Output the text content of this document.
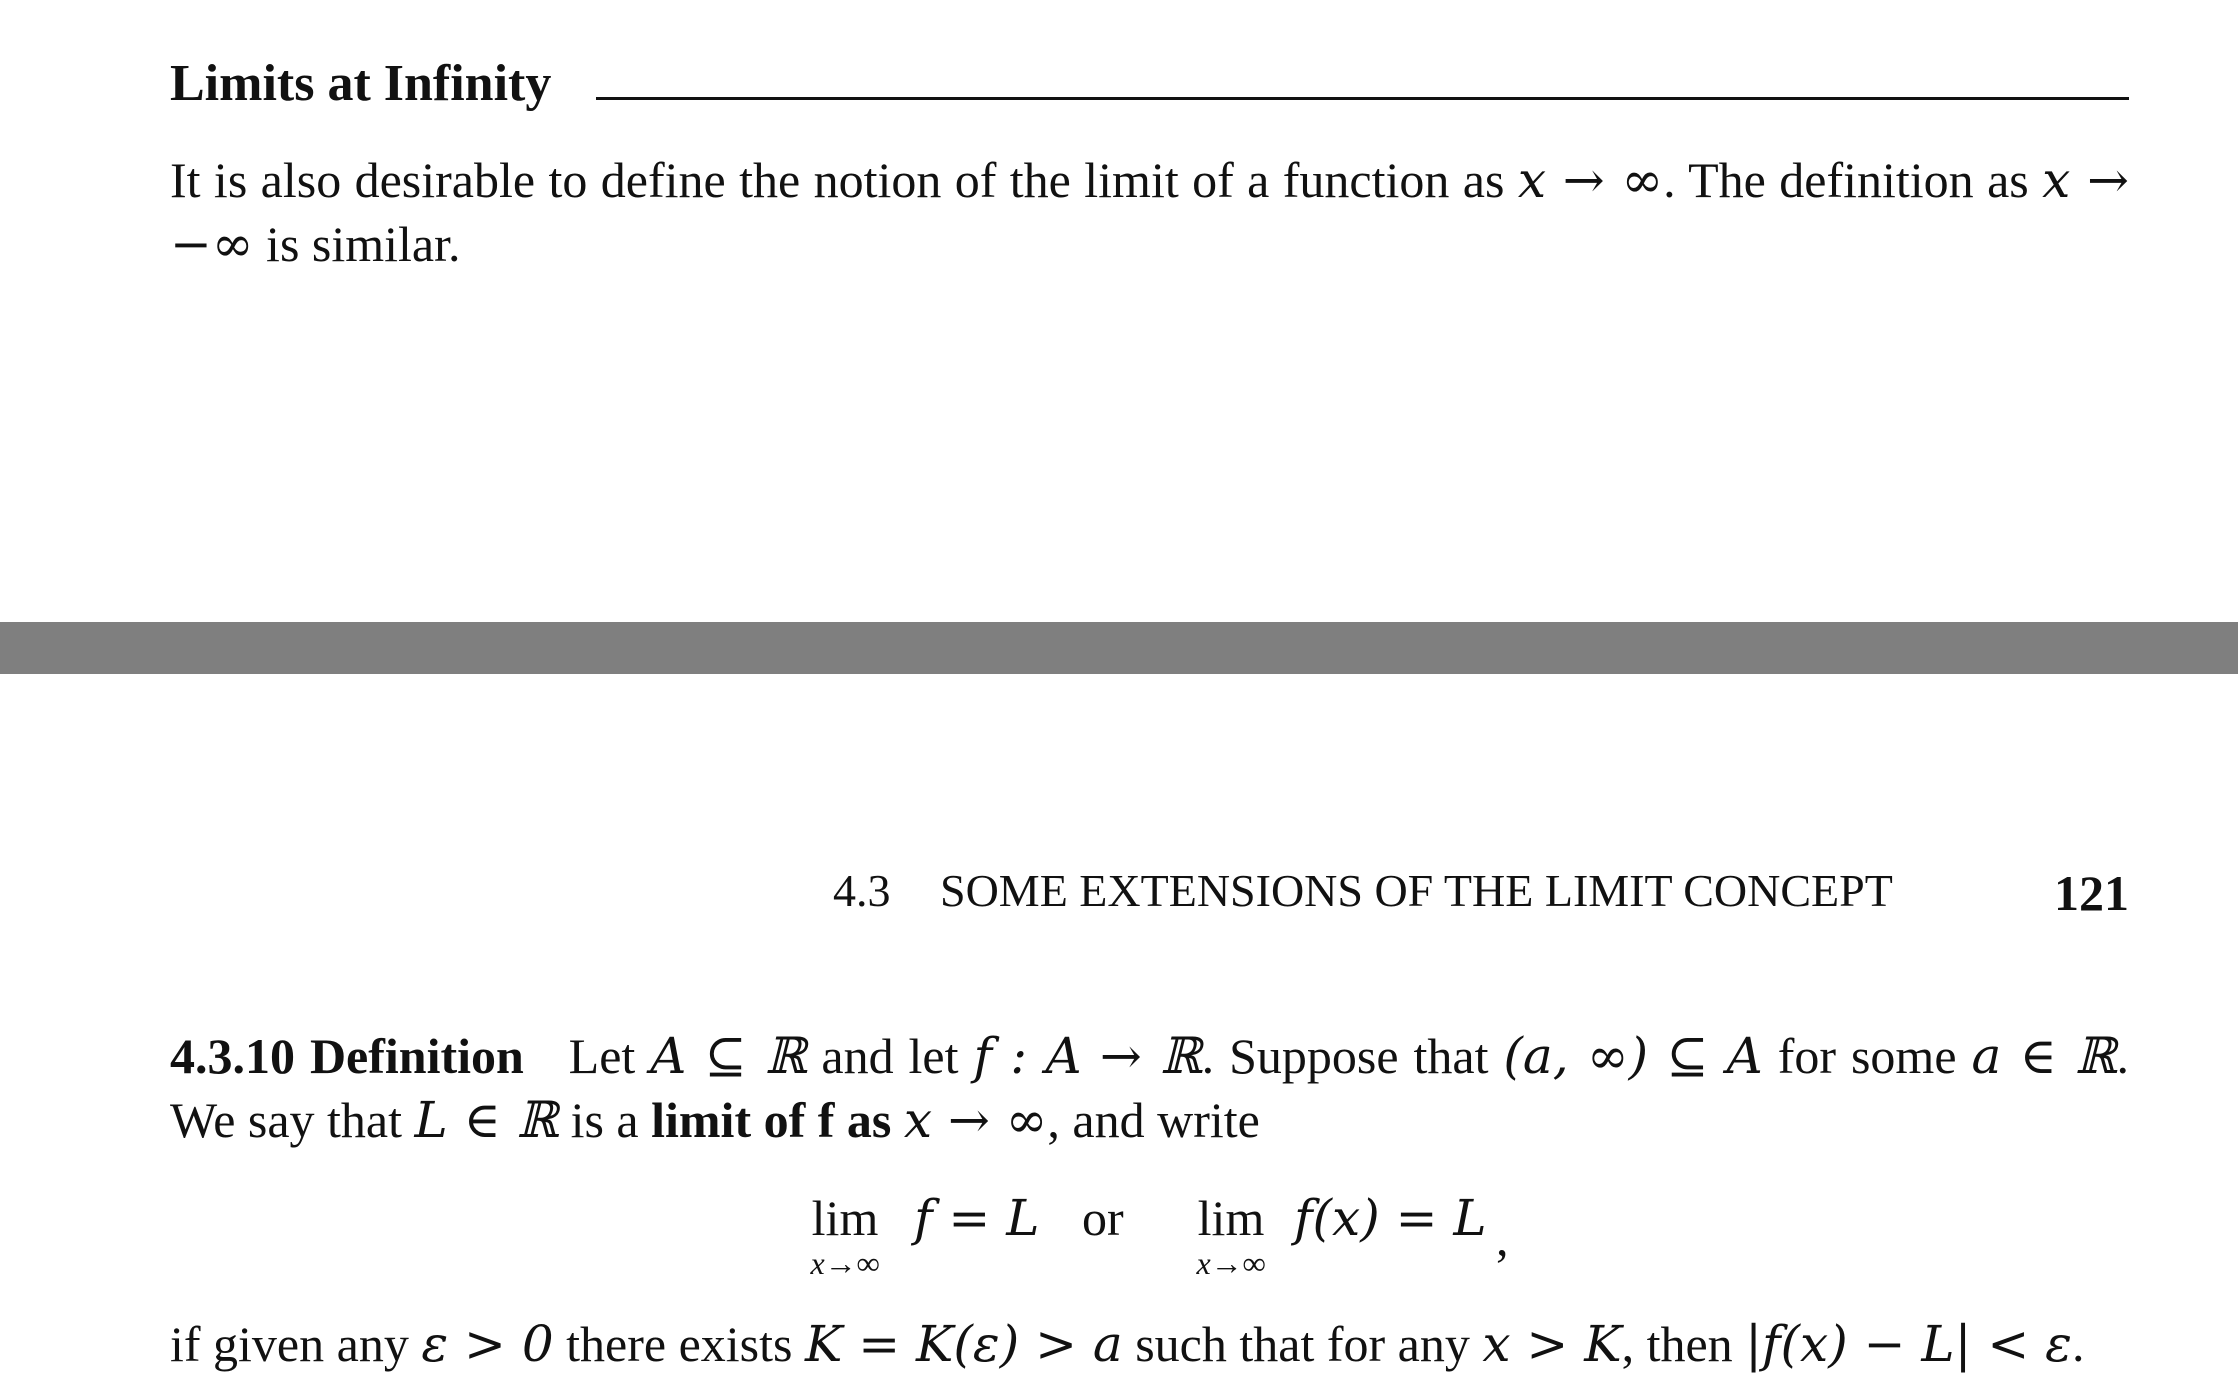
Limits at Infinity
It is also desirable to define the notion of the limit of a function as x → ∞. The definition as x → −∞ is similar.
4.3 SOME EXTENSIONS OF THE LIMIT CONCEPT	121
4.3.10 Definition Let A ⊆ ℝ and let f : A → ℝ. Suppose that (a, ∞) ⊆ A for some a ∈ ℝ. We say that L ∈ ℝ is a limit of f as x → ∞, and write
lim
x→∞
f = L or	lim
x→∞
f(x) = L ,
if given any ε > 0 there exists K = K(ε) > a such that for any x > K, then |f(x) − L| < ε.
